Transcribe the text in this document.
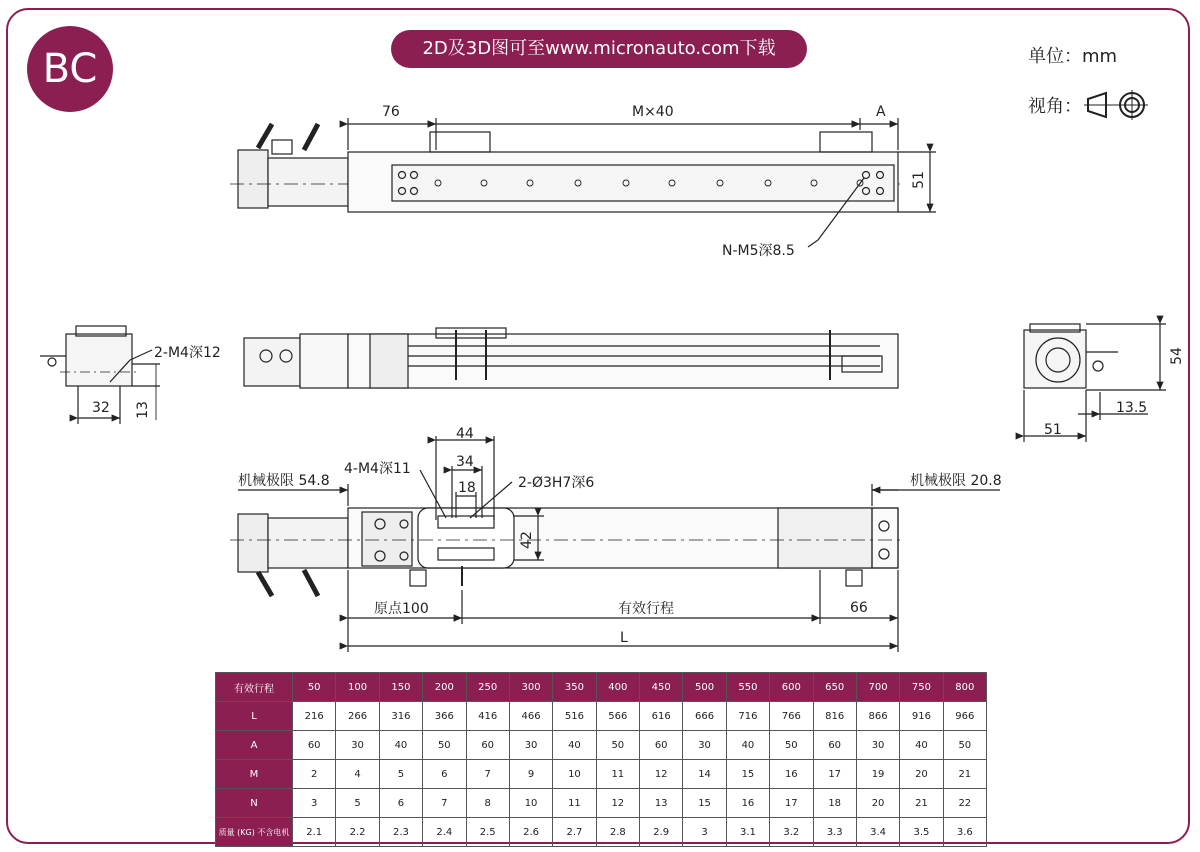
BC	2D及3D图可至www.micronauto.com下载	单位：mm
视角：
76	M×40	A
51
N-M5深8.5
2-M4深12
32 13
54
13.5
51
44
4-M4深11	34
18	2-Ø3H7深6
机械极限 54.8	机械极限 20.8
42
原点100	有效行程	66
L
有效行程	50	100	150	200	250	300	350	400	450	500	550	600	650	700	750	800
L	216	266	316	366	416	466	516	566	616	666	716	766	816	866	916	966
A	60	30	40	50	60	30	40	50	60	30	40	50	60	30	40	50
M	2	4	5	6	7	9	10	11	12	14	15	16	17	19	20	21
N	3	5	6	7	8	10	11	12	13	15	16	17	18	20	21	22
质量 (KG) 不含电机	2.1	2.2	2.3	2.4	2.5	2.6	2.7	2.8	2.9	3	3.1	3.2	3.3	3.4	3.5	3.6
